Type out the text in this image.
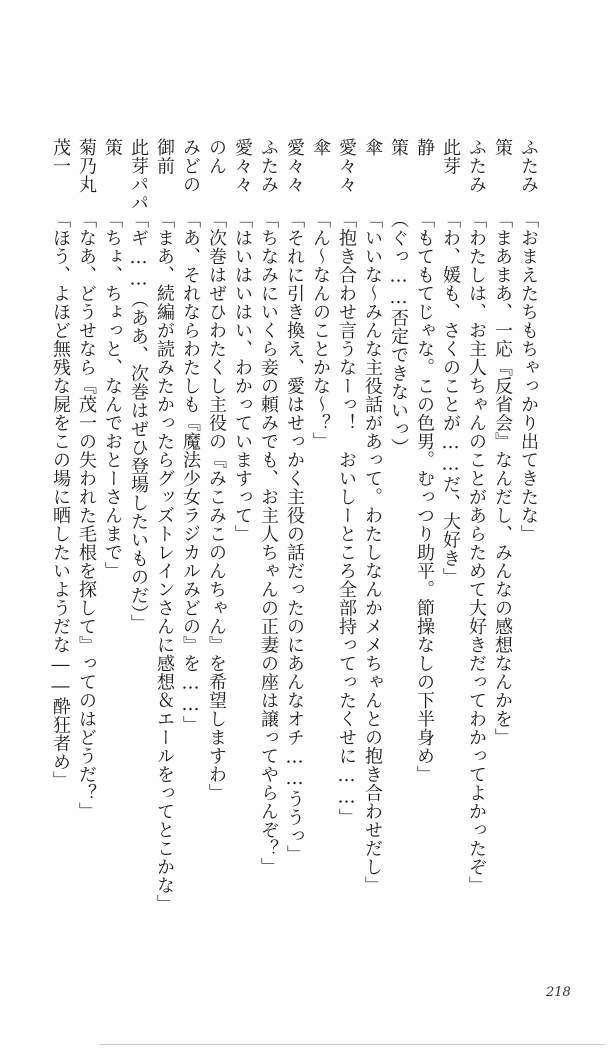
ふたみ
「おまえたちもちゃっかり出てきたな」
策
「まあまあ、一応『反省会』なんだし、みんなの感想なんかを」
ふたみ
「わたしは、お主人ちゃんのことがあらためて大好きだってわかってよかったぞ」
此芽
「わ、媛も、さくのことが……だ、大好き」
静
「もてもてじゃな。この色男。むっつり助平。節操なしの下半身め」
策
（ぐっ……否定できないっ）
傘
「いいな〜みんな主役話があって。わたしなんかメメちゃんとの抱き合わせだし」
愛々々
「抱き合わせ言うなーっ！　おいしーところ全部持ってったくせに……」
傘
「ん〜なんのことかな〜？」
愛々々
「それに引き換え、愛はせっかく主役の話だったのにあんなオチ……ううっ」
ふたみ
「ちなみにいくら妾の頼みでも、お主人ちゃんの正妻の座は譲ってやらんぞ？」
愛々々
「はいはいはい、わかっていますって」
のん
「次巻はぜひわたくし主役の『みこみこのんちゃん』を希望しますわ」
みどの
「あ、それならわたしも『魔法少女ラジカルみどの』を……」
御前
「まあ、続編が読みたかったらグッズトレインさんに感想＆エールをってとこかな」
此芽パパ
「ギ……（ああ、次巻はぜひ登場したいものだ）」
策
「ちょ、ちょっと、なんでおとーさんまで」
菊乃丸
「なあ、どうせなら『茂一の失われた毛根を探して』ってのはどうだ？」
茂一
「ほう、よほど無残な屍をこの場に晒したいようだな――酔狂者め」
218
